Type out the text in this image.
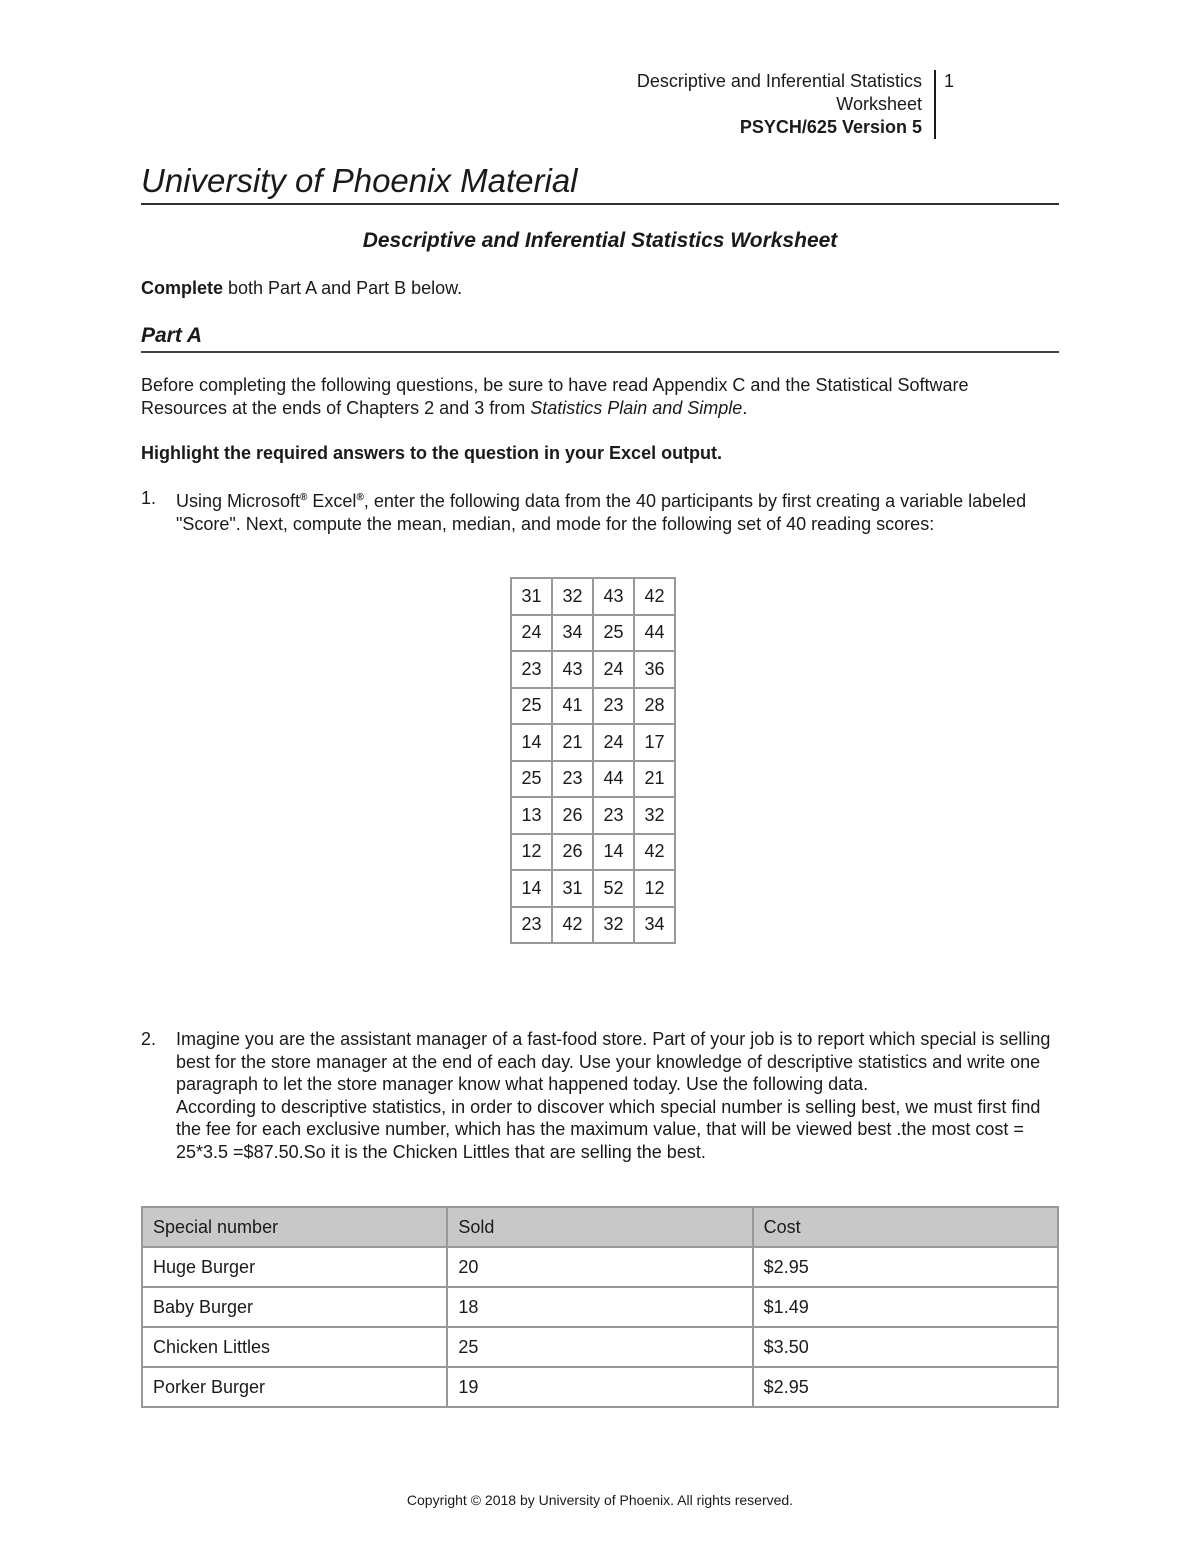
Descriptive and Inferential Statistics
Worksheet
PSYCH/625 Version 5
1
University of Phoenix Material
Descriptive and Inferential Statistics Worksheet
Complete both Part A and Part B below.
Part A
Before completing the following questions, be sure to have read Appendix C and the Statistical Software Resources at the ends of Chapters 2 and 3 from Statistics Plain and Simple.
Highlight the required answers to the question in your Excel output.
1. Using Microsoft® Excel®, enter the following data from the 40 participants by first creating a variable labeled "Score". Next, compute the mean, median, and mode for the following set of 40 reading scores:
31	32	43	42
24	34	25	44
23	43	24	36
25	41	23	28
14	21	24	17
25	23	44	21
13	26	23	32
12	26	14	42
14	31	52	12
23	42	32	34
2. Imagine you are the assistant manager of a fast-food store. Part of your job is to report which special is selling best for the store manager at the end of each day. Use your knowledge of descriptive statistics and write one paragraph to let the store manager know what happened today. Use the following data.
According to descriptive statistics, in order to discover which special number is selling best, we must first find the fee for each exclusive number, which has the maximum value, that will be viewed best .the most cost = 25*3.5 =$87.50.So it is the Chicken Littles that are selling the best.
Special number	Sold	Cost
Huge Burger	20	$2.95
Baby Burger	18	$1.49
Chicken Littles	25	$3.50
Porker Burger	19	$2.95
Copyright © 2018 by University of Phoenix. All rights reserved.
